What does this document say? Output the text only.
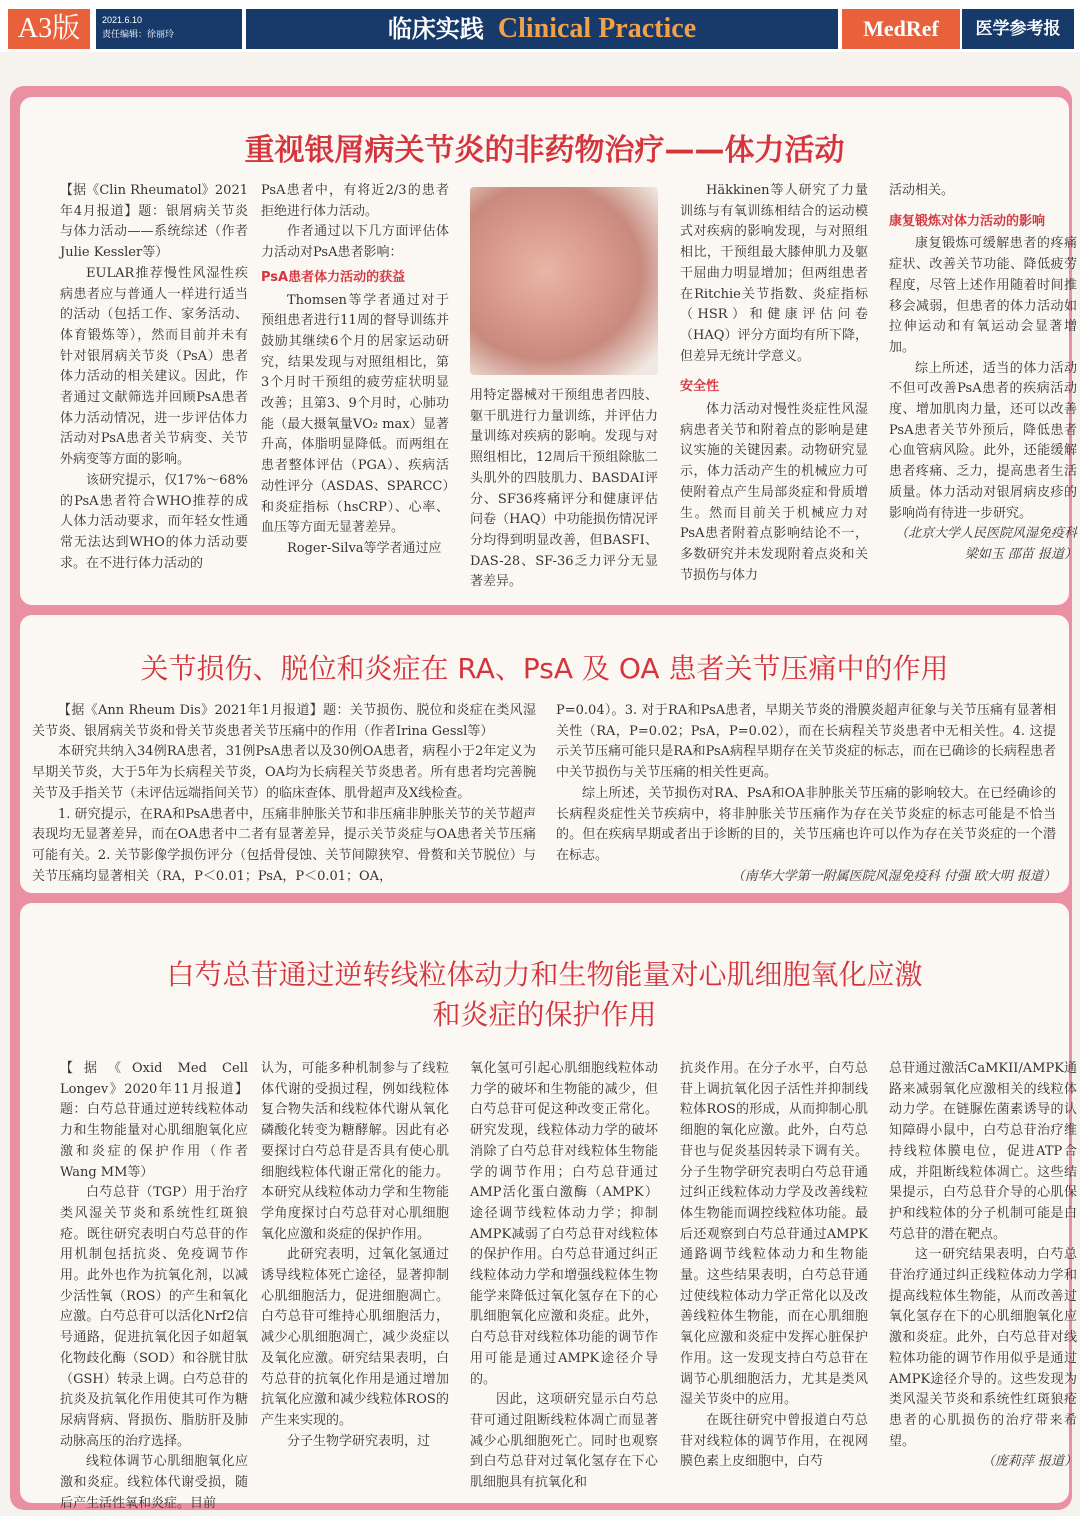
A3版	2021.6.10
责任编辑：徐丽玲	临床实践 Clinical Practice	MedRef	医学参考报
重视银屑病关节炎的非药物治疗——体力活动

【据《Clin Rheumatol》2021年4月报道】题：银屑病关节炎与体力活动——系统综述（作者Julie Kessler等）

EULAR推荐慢性风湿性疾病患者应与普通人一样进行适当的活动（包括工作、家务活动、体育锻炼等），然而目前并未有针对银屑病关节炎（PsA）患者体力活动的相关建议。因此，作者通过文献筛选并回顾PsA患者体力活动情况，进一步评估体力活动对PsA患者关节病变、关节外病变等方面的影响。

该研究提示，仅17%～68%的PsA患者符合WHO推荐的成人体力活动要求，而年轻女性通常无法达到WHO的体力活动要求。在不进行体力活动的

PsA患者中，有将近2/3的患者拒绝进行体力活动。

作者通过以下几方面评估体力活动对PsA患者影响：

PsA患者体力活动的获益

Thomsen等学者通过对于预组患者进行11周的督导训练并鼓励其继续6个月的居家运动研究，结果发现与对照组相比，第3个月时干预组的疲劳症状明显改善；且第3、9个月时，心肺功能（最大摄氧量VO₂ max）显著升高，体脂明显降低。而两组在患者整体评估（PGA）、疾病活动性评分（ASDAS、SPARCC）和炎症指标（hsCRP）、心率、血压等方面无显著差异。

Roger-Silva等学者通过应

用特定器械对干预组患者四肢、躯干肌进行力量训练，并评估力量训练对疾病的影响。发现与对照组相比，12周后干预组除肱二头肌外的四肢肌力、BASDAI评分、SF36疼痛评分和健康评估问卷（HAQ）中功能损伤情况评分均得到明显改善，但BASFI、DAS-28、SF-36乏力评分无显著差异。

Häkkinen等人研究了力量训练与有氧训练相结合的运动模式对疾病的影响发现，与对照组相比，干预组最大膝伸肌力及躯干屈曲力明显增加；但两组患者在Ritchie关节指数、炎症指标（HSR）和健康评估问卷（HAQ）评分方面均有所下降，但差异无统计学意义。

安全性

体力活动对慢性炎症性风湿病患者关节和附着点的影响是建议实施的关键因素。动物研究显示，体力活动产生的机械应力可使附着点产生局部炎症和骨质增生。然而目前关于机械应力对PsA患者附着点影响结论不一，多数研究并未发现附着点炎和关节损伤与体力

活动相关。

康复锻炼对体力活动的影响

康复锻炼可缓解患者的疼痛症状、改善关节功能、降低疲劳程度，尽管上述作用随着时间推移会减弱，但患者的体力活动如拉伸运动和有氧运动会显著增加。

综上所述，适当的体力活动不但可改善PsA患者的疾病活动度、增加肌肉力量，还可以改善PsA患者关节外预后，降低患者心血管病风险。此外，还能缓解患者疼痛、乏力，提高患者生活质量。体力活动对银屑病皮疹的影响尚有待进一步研究。

（北京大学人民医院风湿免疫科 梁如玉 邵苗 报道）
关节损伤、脱位和炎症在 RA、PsA 及 OA 患者关节压痛中的作用

【据《Ann Rheum Dis》2021年1月报道】题：关节损伤、脱位和炎症在类风湿关节炎、银屑病关节炎和骨关节炎患者关节压痛中的作用（作者Irina Gessl等）

本研究共纳入34例RA患者，31例PsA患者以及30例OA患者，病程小于2年定义为早期关节炎，大于5年为长病程关节炎，OA均为长病程关节炎患者。所有患者均完善腕关节及手指关节（未评估远端指间关节）的临床查体、肌骨超声及X线检查。

1. 研究提示，在RA和PsA患者中，压痛非肿胀关节和非压痛非肿胀关节的关节超声表现均无显著差异，而在OA患者中二者有显著差异，提示关节炎症与OA患者关节压痛可能有关。2. 关节影像学损伤评分（包括骨侵蚀、关节间隙狭窄、骨赘和关节脱位）与关节压痛均显著相关（RA，P＜0.01；PsA，P＜0.01；OA，

P=0.04）。3. 对于RA和PsA患者，早期关节炎的滑膜炎超声征象与关节压痛有显著相关性（RA，P=0.02；PsA，P=0.02），而在长病程关节炎患者中无相关性。4. 这提示关节压痛可能只是RA和PsA病程早期存在关节炎症的标志，而在已确诊的长病程患者中关节损伤与关节压痛的相关性更高。

综上所述，关节损伤对RA、PsA和OA非肿胀关节压痛的影响较大。在已经确诊的长病程炎症性关节疾病中，将非肿胀关节压痛作为存在关节炎症的标志可能是不恰当的。但在疾病早期或者出于诊断的目的，关节压痛也许可以作为存在关节炎症的一个潜在标志。

（南华大学第一附属医院风湿免疫科 付强 欧大明 报道）
白芍总苷通过逆转线粒体动力和生物能量对心肌细胞氧化应激
和炎症的保护作用

【据《Oxid Med Cell Longev》2020年11月报道】题：白芍总苷通过逆转线粒体动力和生物能量对心肌细胞氧化应激和炎症的保护作用（作者Wang MM等）

白芍总苷（TGP）用于治疗类风湿关节炎和系统性红斑狼疮。既往研究表明白芍总苷的作用机制包括抗炎、免疫调节作用。此外也作为抗氧化剂，以减少活性氧（ROS）的产生和氧化应激。白芍总苷可以活化Nrf2信号通路，促进抗氧化因子如超氧化物歧化酶（SOD）和谷胱甘肽（GSH）转录上调。白芍总苷的抗炎及抗氧化作用使其可作为糖尿病肾病、肾损伤、脂肪肝及肺动脉高压的治疗选择。

线粒体调节心肌细胞氧化应激和炎症。线粒体代谢受损，随后产生活性氧和炎症。目前

认为，可能多种机制参与了线粒体代谢的受损过程，例如线粒体复合物失活和线粒体代谢从氧化磷酸化转变为糖酵解。因此有必要探讨白芍总苷是否具有使心肌细胞线粒体代谢正常化的能力。本研究从线粒体动力学和生物能学角度探讨白芍总苷对心肌细胞氧化应激和炎症的保护作用。

此研究表明，过氧化氢通过诱导线粒体死亡途径，显著抑制心肌细胞活力，促进细胞凋亡。白芍总苷可维持心肌细胞活力，减少心肌细胞凋亡，减少炎症以及氧化应激。研究结果表明，白芍总苷的抗氧化作用是通过增加抗氧化应激和减少线粒体ROS的产生来实现的。

分子生物学研究表明，过

氧化氢可引起心肌细胞线粒体动力学的破坏和生物能的减少，但白芍总苷可促这种改变正常化。研究发现，线粒体动力学的破坏消除了白芍总苷对线粒体生物能学的调节作用；白芍总苷通过AMP活化蛋白激酶（AMPK）途径调节线粒体动力学；抑制AMPK减弱了白芍总苷对线粒体的保护作用。白芍总苷通过纠正线粒体动力学和增强线粒体生物能学来降低过氧化氢存在下的心肌细胞氧化应激和炎症。此外，白芍总苷对线粒体功能的调节作用可能是通过AMPK途径介导的。

因此，这项研究显示白芍总苷可通过阻断线粒体凋亡而显著减少心肌细胞死亡。同时也观察到白芍总苷对过氧化氢存在下心肌细胞具有抗氧化和

抗炎作用。在分子水平，白芍总苷上调抗氧化因子活性并抑制线粒体ROS的形成，从而抑制心肌细胞的氧化应激。此外，白芍总苷也与促炎基因转录下调有关。分子生物学研究表明白芍总苷通过纠正线粒体动力学及改善线粒体生物能而调控线粒体功能。最后还观察到白芍总苷通过AMPK通路调节线粒体动力和生物能量。这些结果表明，白芍总苷通过使线粒体动力学正常化以及改善线粒体生物能，而在心肌细胞氧化应激和炎症中发挥心脏保护作用。这一发现支持白芍总苷在调节心肌细胞活力，尤其是类风湿关节炎中的应用。

在既往研究中曾报道白芍总苷对线粒体的调节作用，在视网膜色素上皮细胞中，白芍

总苷通过激活CaMKII/AMPK通路来减弱氧化应激相关的线粒体动力学。在链脲佐菌素诱导的认知障碍小鼠中，白芍总苷治疗维持线粒体膜电位，促进ATP合成，并阻断线粒体凋亡。这些结果提示，白芍总苷介导的心肌保护和线粒体的分子机制可能是白芍总苷的潜在靶点。

这一研究结果表明，白芍总苷治疗通过纠正线粒体动力学和提高线粒体生物能，从而改善过氧化氢存在下的心肌细胞氧化应激和炎症。此外，白芍总苷对线粒体功能的调节作用似乎是通过AMPK途径介导的。这些发现为类风湿关节炎和系统性红斑狼疮患者的心肌损伤的治疗带来希望。

（庞莉萍 报道）
